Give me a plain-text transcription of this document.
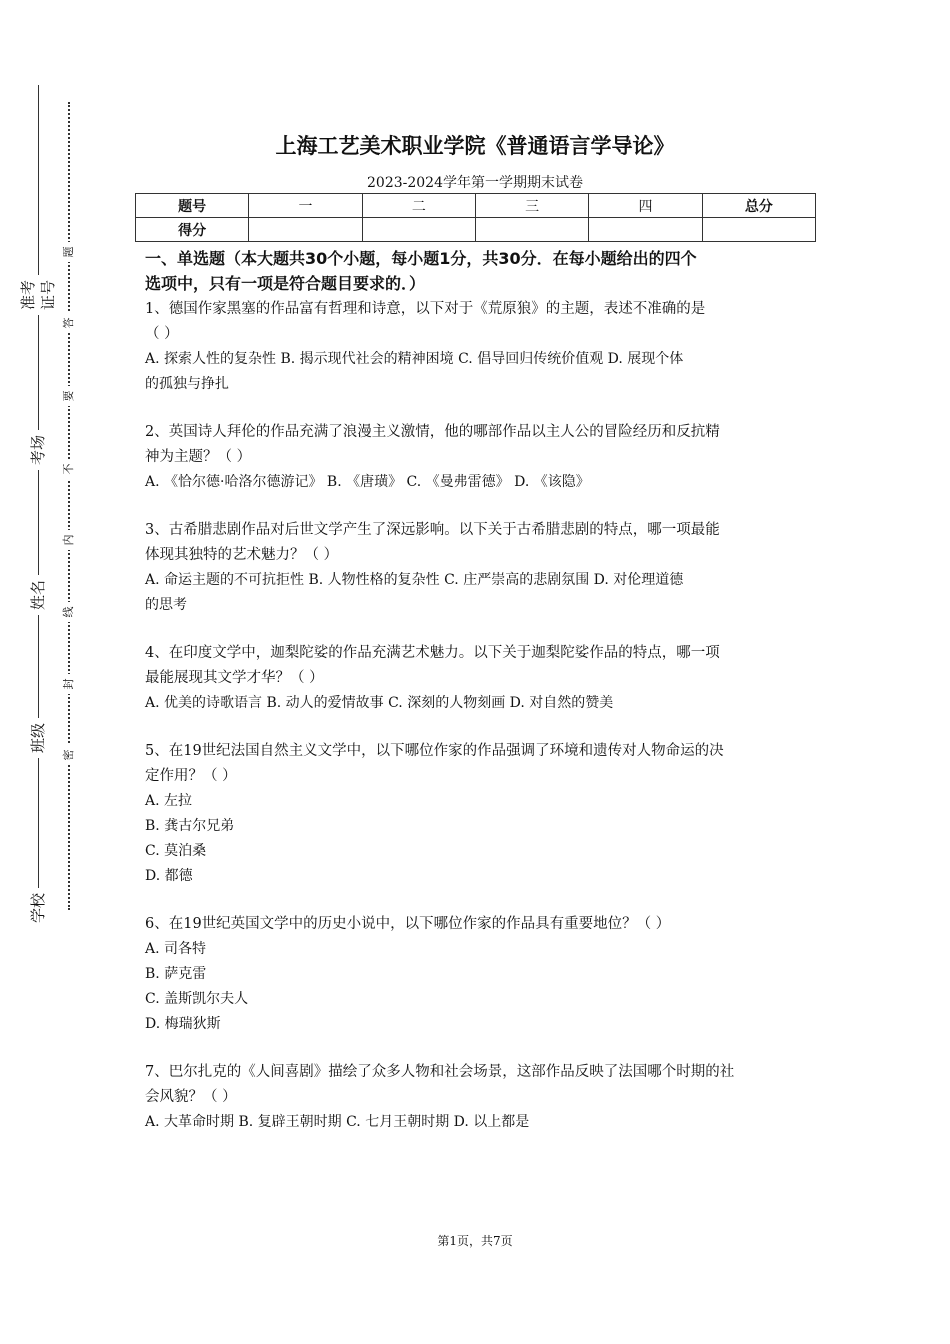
准考证号
考场
姓名
班级
学校
题
答
要
不
内
线
封
密
上海工艺美术职业学院《普通语言学导论》
2023-2024学年第一学期期末试卷
题号	一	二	三	四	总分
得分					
一、单选题（本大题共30个小题，每小题1分，共30分．在每小题给出的四个
选项中，只有一项是符合题目要求的．）
1、德国作家黑塞的作品富有哲理和诗意，以下对于《荒原狼》的主题，表述不准确的是
（ ）
A. 探索人性的复杂性 B. 揭示现代社会的精神困境 C. 倡导回归传统价值观 D. 展现个体
的孤独与挣扎
2、英国诗人拜伦的作品充满了浪漫主义激情，他的哪部作品以主人公的冒险经历和反抗精
神为主题？（ ）
A. 《恰尔德·哈洛尔德游记》 B. 《唐璜》 C. 《曼弗雷德》 D. 《该隐》
3、古希腊悲剧作品对后世文学产生了深远影响。以下关于古希腊悲剧的特点，哪一项最能
体现其独特的艺术魅力？（ ）
A. 命运主题的不可抗拒性 B. 人物性格的复杂性 C. 庄严崇高的悲剧氛围 D. 对伦理道德
的思考
4、在印度文学中，迦梨陀娑的作品充满艺术魅力。以下关于迦梨陀娑作品的特点，哪一项
最能展现其文学才华？（ ）
A. 优美的诗歌语言 B. 动人的爱情故事 C. 深刻的人物刻画 D. 对自然的赞美
5、在19世纪法国自然主义文学中，以下哪位作家的作品强调了环境和遗传对人物命运的决
定作用？（ ）
A. 左拉
B. 龚古尔兄弟
C. 莫泊桑
D. 都德
6、在19世纪英国文学中的历史小说中，以下哪位作家的作品具有重要地位？（ ）
A. 司各特
B. 萨克雷
C. 盖斯凯尔夫人
D. 梅瑞狄斯
7、巴尔扎克的《人间喜剧》描绘了众多人物和社会场景，这部作品反映了法国哪个时期的社
会风貌？（ ）
A. 大革命时期 B. 复辟王朝时期 C. 七月王朝时期 D. 以上都是
第1页，共7页
